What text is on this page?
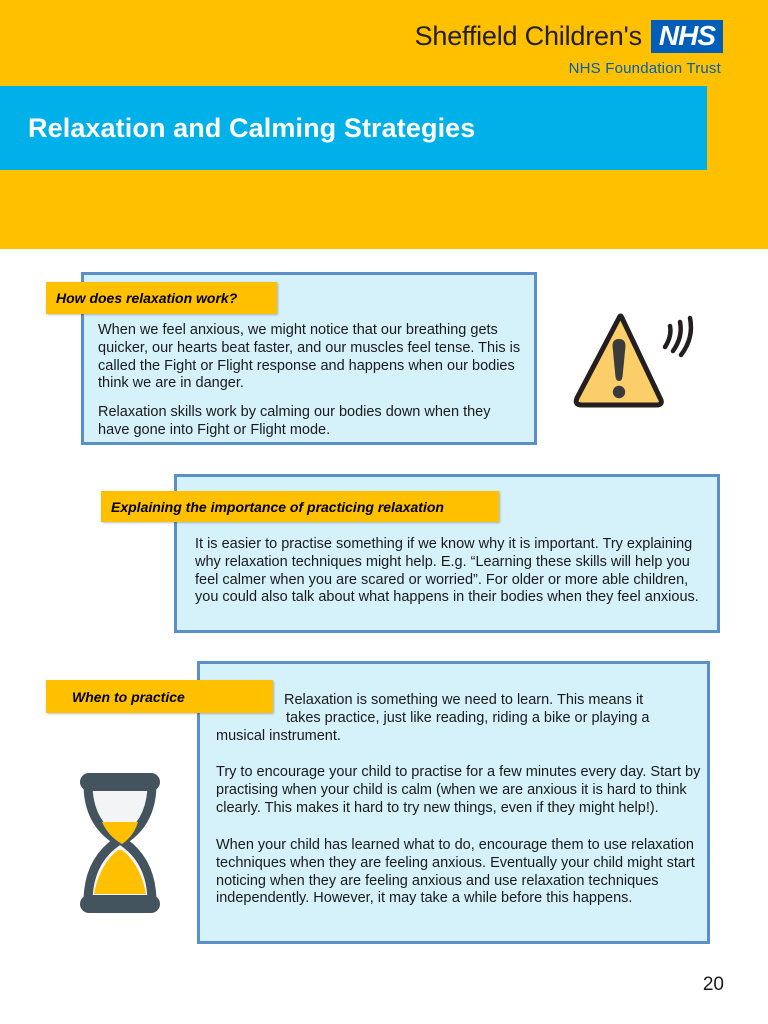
Sheffield Children's NHS
NHS Foundation Trust
Relaxation and Calming Strategies
How does relaxation work?

When we feel anxious, we might notice that our breathing gets quicker, our hearts beat faster, and our muscles feel tense. This is called the Fight or Flight response and happens when our bodies think we are in danger.

Relaxation skills work by calming our bodies down when they have gone into Fight or Flight mode.

Explaining the importance of practicing relaxation

It is easier to practise something if we know why it is important. Try explaining why relaxation techniques might help. E.g. “Learning these skills will help you feel calmer when you are scared or worried”. For older or more able children, you could also talk about what happens in their bodies when they feel anxious.

When to practice	Relaxation is something we need to learn. This means it takes practice, just like reading, riding a bike or playing a musical instrument.

Try to encourage your child to practise for a few minutes every day. Start by practising when your child is calm (when we are anxious it is hard to think clearly. This makes it hard to try new things, even if they might help!).

When your child has learned what to do, encourage them to use relaxation techniques when they are feeling anxious. Eventually your child might start noticing when they are feeling anxious and use relaxation techniques independently. However, it may take a while before this happens.

20
